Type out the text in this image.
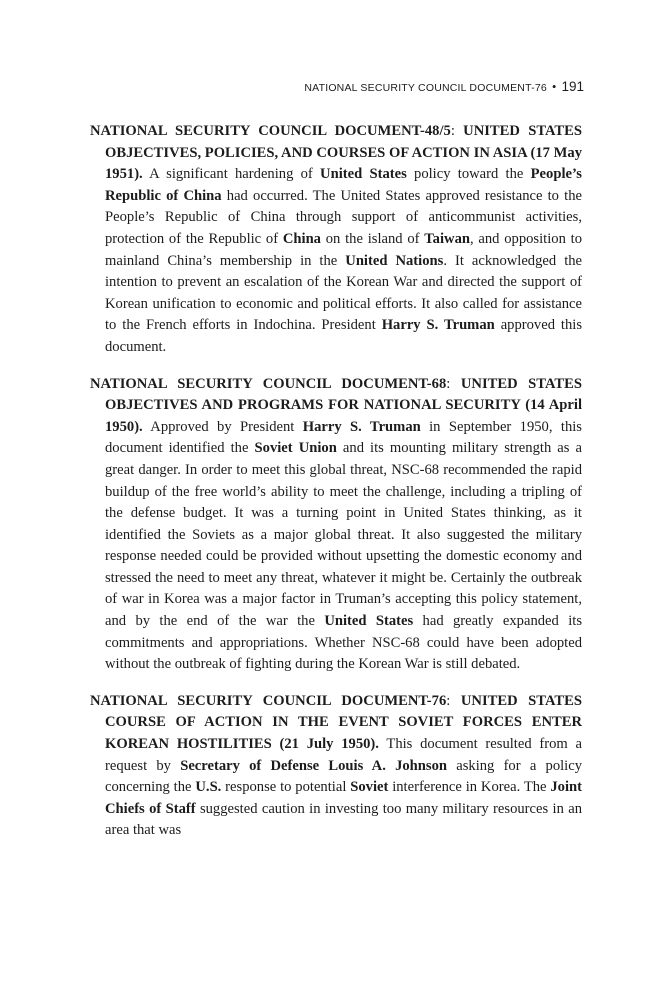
NATIONAL SECURITY COUNCIL DOCUMENT-76 • 191

NATIONAL SECURITY COUNCIL DOCUMENT-48/5: UNITED STATES OBJECTIVES, POLICIES, AND COURSES OF ACTION IN ASIA (17 May 1951). A significant hardening of United States policy toward the People’s Republic of China had occurred. The United States approved resistance to the People’s Republic of China through support of anticommunist activities, protection of the Republic of China on the island of Taiwan, and opposition to mainland China’s membership in the United Nations. It acknowledged the intention to prevent an escalation of the Korean War and directed the support of Korean unification to economic and political efforts. It also called for assistance to the French efforts in Indochina. President Harry S. Truman approved this document.

NATIONAL SECURITY COUNCIL DOCUMENT-68: UNITED STATES OBJECTIVES AND PROGRAMS FOR NATIONAL SECURITY (14 April 1950). Approved by President Harry S. Truman in September 1950, this document identified the Soviet Union and its mounting military strength as a great danger. In order to meet this global threat, NSC-68 recommended the rapid buildup of the free world’s ability to meet the challenge, including a tripling of the defense budget. It was a turning point in United States thinking, as it identified the Soviets as a major global threat. It also suggested the military response needed could be provided without upsetting the domestic economy and stressed the need to meet any threat, whatever it might be. Certainly the outbreak of war in Korea was a major factor in Truman’s accepting this policy statement, and by the end of the war the United States had greatly expanded its commitments and appropriations. Whether NSC-68 could have been adopted without the outbreak of fighting during the Korean War is still debated.

NATIONAL SECURITY COUNCIL DOCUMENT-76: UNITED STATES COURSE OF ACTION IN THE EVENT SOVIET FORCES ENTER KOREAN HOSTILITIES (21 July 1950). This document resulted from a request by Secretary of Defense Louis A. Johnson asking for a policy concerning the U.S. response to potential Soviet interference in Korea. The Joint Chiefs of Staff suggested caution in investing too many military resources in an area that was
